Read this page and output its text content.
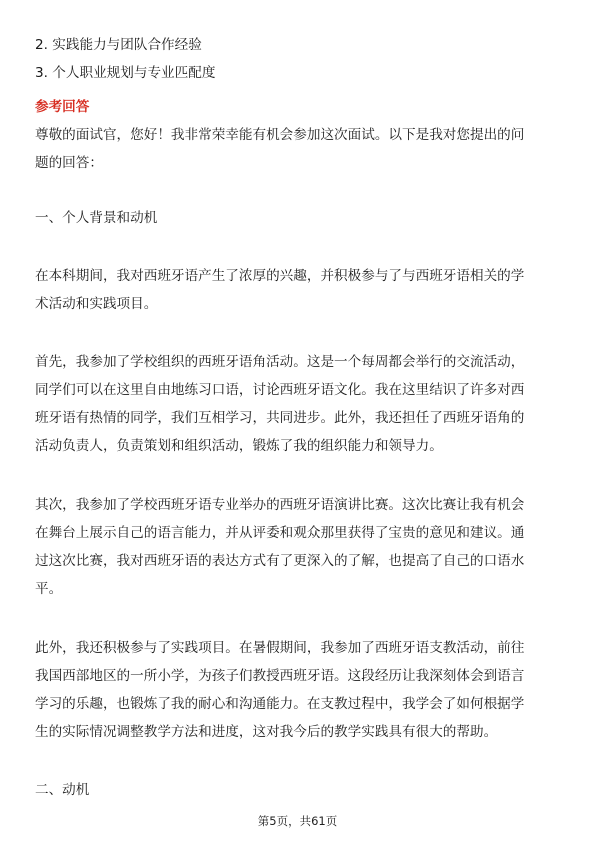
2. 实践能力与团队合作经验
3. 个人职业规划与专业匹配度
参考回答
尊敬的面试官，您好！我非常荣幸能有机会参加这次面试。以下是我对您提出的问
题的回答：
一、个人背景和动机
在本科期间，我对西班牙语产生了浓厚的兴趣，并积极参与了与西班牙语相关的学
术活动和实践项目。
首先，我参加了学校组织的西班牙语角活动。这是一个每周都会举行的交流活动，
同学们可以在这里自由地练习口语，讨论西班牙语文化。我在这里结识了许多对西
班牙语有热情的同学，我们互相学习，共同进步。此外，我还担任了西班牙语角的
活动负责人，负责策划和组织活动，锻炼了我的组织能力和领导力。
其次，我参加了学校西班牙语专业举办的西班牙语演讲比赛。这次比赛让我有机会
在舞台上展示自己的语言能力，并从评委和观众那里获得了宝贵的意见和建议。通
过这次比赛，我对西班牙语的表达方式有了更深入的了解，也提高了自己的口语水
平。
此外，我还积极参与了实践项目。在暑假期间，我参加了西班牙语支教活动，前往
我国西部地区的一所小学，为孩子们教授西班牙语。这段经历让我深刻体会到语言
学习的乐趣，也锻炼了我的耐心和沟通能力。在支教过程中，我学会了如何根据学
生的实际情况调整教学方法和进度，这对我今后的教学实践具有很大的帮助。
二、动机
第5页，共61页
